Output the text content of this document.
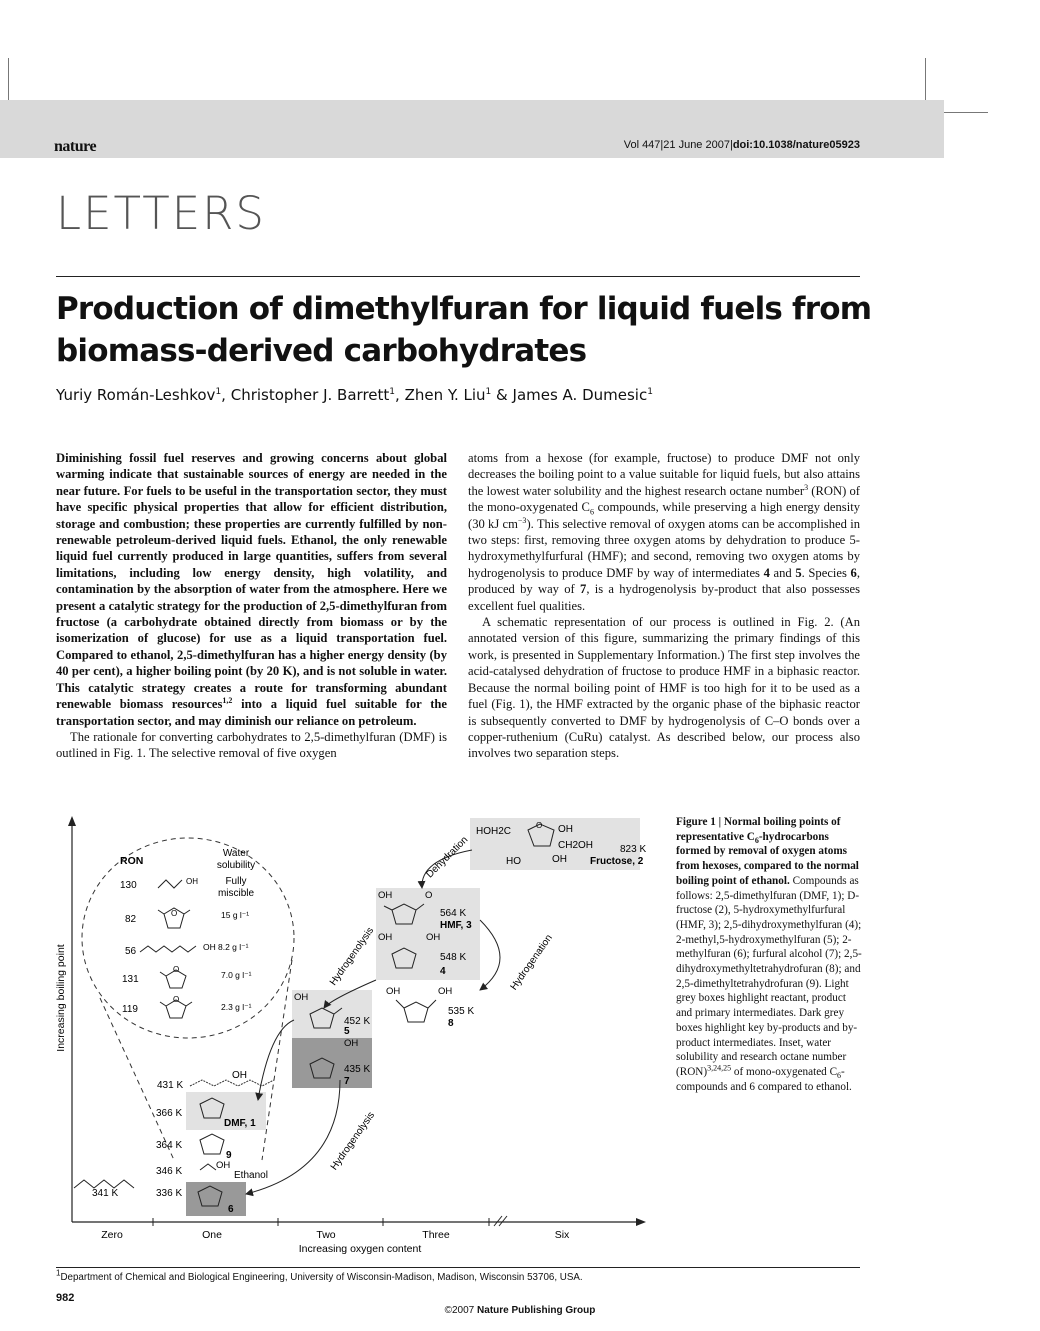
nature	Vol 447|21 June 2007|doi:10.1038/nature05923
LETTERS
Production of dimethylfuran for liquid fuels from biomass-derived carbohydrates
Yuriy Román-Leshkov$^1$, Christopher J. Barrett$^1$, Zhen Y. Liu$^1$ & James A. Dumesic$^1$

Diminishing fossil fuel reserves and growing concerns about global warming indicate that sustainable sources of energy are needed in the near future. For fuels to be useful in the transportation sector, they must have specific physical properties that allow for efficient distribution, storage and combustion; these properties are currently fulfilled by non-renewable petroleum-derived liquid fuels. Ethanol, the only renewable liquid fuel currently produced in large quantities, suffers from several limitations, including low energy density, high volatility, and contamination by the absorption of water from the atmosphere. Here we present a catalytic strategy for the production of 2,5-dimethylfuran from fructose (a carbohydrate obtained directly from biomass or by the isomerization of glucose) for use as a liquid transportation fuel. Compared to ethanol, 2,5-dimethylfuran has a higher energy density (by 40 per cent), a higher boiling point (by 20 K), and is not soluble in water. This catalytic strategy creates a route for transforming abundant renewable biomass resources$^{1,2}$ into a liquid fuel suitable for the transportation sector, and may diminish our reliance on petroleum.

The rationale for converting carbohydrates to 2,5-dimethylfuran (DMF) is outlined in Fig. 1. The selective removal of five oxygen

atoms from a hexose (for example, fructose) to produce DMF not only decreases the boiling point to a value suitable for liquid fuels, but also attains the lowest water solubility and the highest research octane number$^3$ (RON) of the mono-oxygenated $C_6$ compounds, while preserving a high energy density (30 kJ $cm^{-3}$). This selective removal of oxygen atoms can be accomplished in two steps: first, removing three oxygen atoms by dehydration to produce 5-hydroxymethylfurfural (HMF); and second, removing two oxygen atoms by hydrogenolysis to produce DMF by way of intermediates 4 and 5. Species 6, produced by way of 7, is a hydrogenolysis by-product that also possesses excellent fuel qualities.

A schematic representation of our process is outlined in Fig. 2. (An annotated version of this figure, summarizing the primary findings of this work, is presented in Supplementary Information.) The first step involves the acid-catalysed dehydration of fructose to produce HMF in a biphasic reactor. Because the normal boiling point of HMF is too high for it to be used as a fuel (Fig. 1), the HMF extracted by the organic phase of the biphasic reactor is subsequently converted to DMF by hydrogenolysis of C–O bonds over a copper-ruthenium (CuRu) catalyst. As described below, our process also involves two separation steps.

Zero	One	Two	Three	Six
Increasing oxygen content
Increasing boiling point
RON
Water
solubility
130	Fully
miscible
OH
82	15 g l⁻¹
O
56	OH 8.2 g l⁻¹
131
O
7.0 g l⁻¹
119
O
2.3 g l⁻¹
HOH2C
O OH
CH2OH
HO	OH
823 K
Fructose, 2
OH	O
564 K
HMF, 3
OH	OH
548 K
4
OH	OH
535 K
8
OH
452 K
5
OH
435 K
7
431 K
OH
366 K
DMF, 1
364 K
9
346 K
OH
Ethanol
336 K
6
341 K
Dehydration
Hydrogenolysis	Hydrogenation
Hydrogenolysis
Figure 1 | Normal boiling points of representative $C_6$-hydrocarbons formed by removal of oxygen atoms from hexoses, compared to the normal boiling point of ethanol. Compounds as follows: 2,5-dimethylfuran (DMF, 1); D-fructose (2), 5-hydroxymethylfurfural (HMF, 3); 2,5-dihydroxymethylfuran (4); 2-methyl,5-hydroxymethylfuran (5); 2-methylfuran (6); furfural alcohol (7); 2,5-dihydroxymethyltetrahydrofuran (8); and 2,5-dimethyltetrahydrofuran (9). Light grey boxes highlight reactant, product and primary intermediates. Dark grey boxes highlight key by-products and by-product intermediates. Inset, water solubility and research octane number (RON)$^{3,24,25}$ of mono-oxygenated $C_6$-compounds and 6 compared to ethanol.
$^1$Department of Chemical and Biological Engineering, University of Wisconsin-Madison, Madison, Wisconsin 53706, USA.
982
©2007 Nature Publishing Group
